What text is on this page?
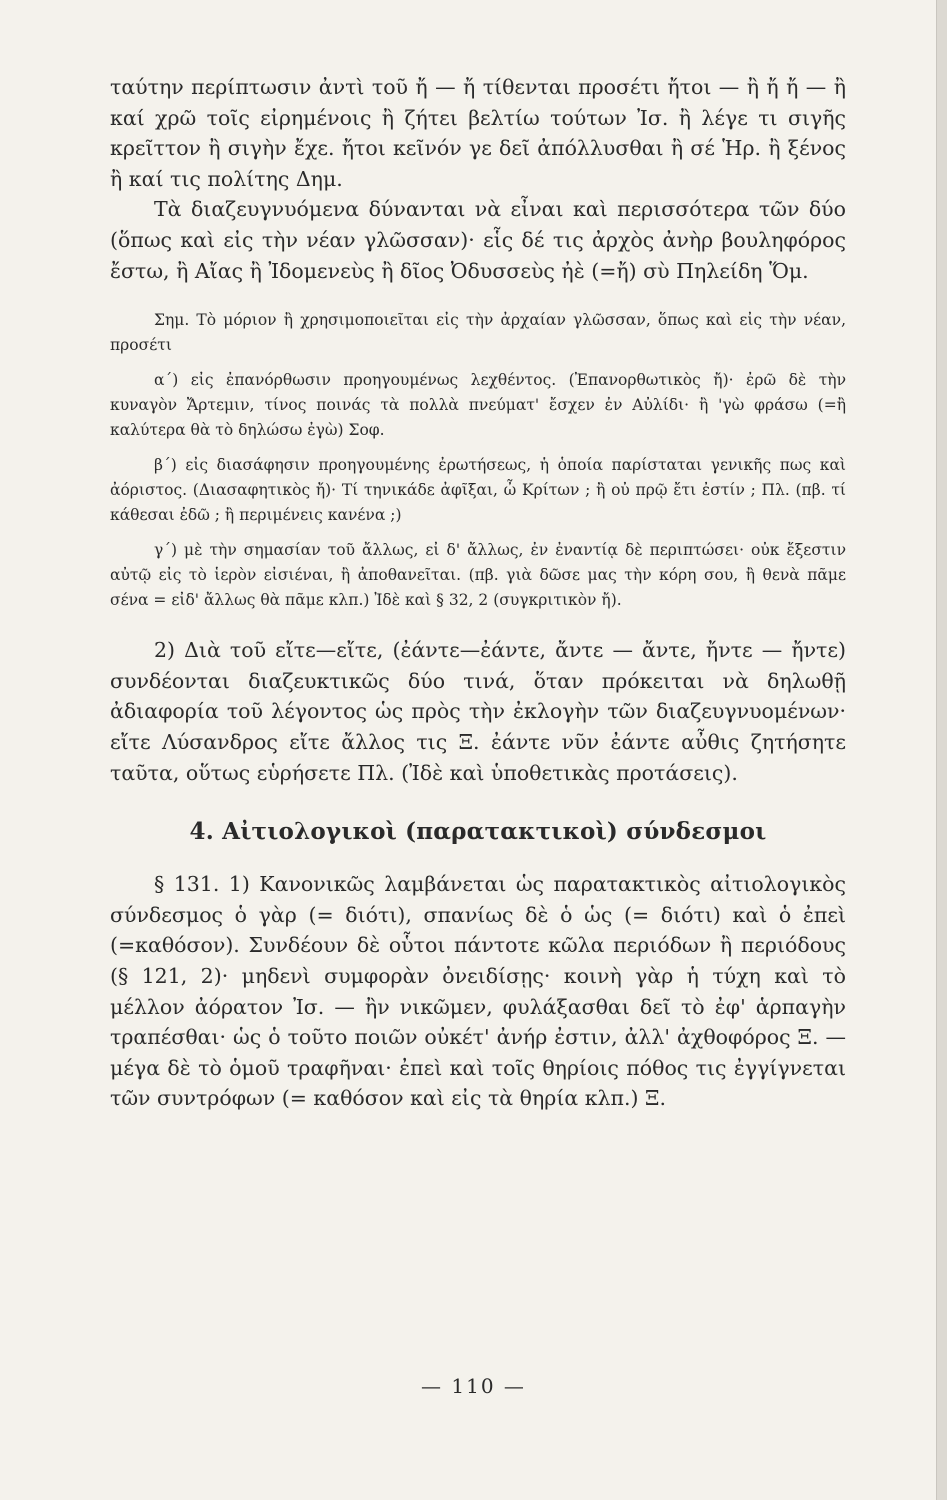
ταύτην περίπτωσιν ἀντὶ τοῦ ἤ — ἤ τίθενται προσέτι ἤτοι — ἢ ἤ ἤ — ἢ καί χρῶ τοῖς εἰρημένοις ἢ ζήτει βελτίω τούτων Ἰσ. ἢ λέγε τι σιγῆς κρεῖττον ἢ σιγὴν ἔχε. ἤτοι κεῖνόν γε δεῖ ἀπόλλυσθαι ἢ σέ Ἡρ. ἢ ξένος ἢ καί τις πολίτης Δημ.

Τὰ διαζευγνυόμενα δύνανται νὰ εἶναι καὶ περισσότερα τῶν δύο (ὅπως καὶ εἰς τὴν νέαν γλῶσσαν)· εἷς δέ τις ἀρχὸς ἀνὴρ βουληφόρος ἔστω, ἢ Αἴας ἢ Ἰδομενεὺς ἢ δῖος Ὀδυσσεὺς ἠὲ (=ἤ) σὺ Πηλείδη Ὅμ.

Σημ. Τὸ μόριον ἢ χρησιμοποιεῖται εἰς τὴν ἀρχαίαν γλῶσσαν, ὅπως καὶ εἰς τὴν νέαν, προσέτι

α΄) εἰς ἐπανόρθωσιν προηγουμένως λεχθέντος. (Ἐπανορθωτικὸς ἤ)· ἐρῶ δὲ τὴν κυναγὸν Ἄρτεμιν, τίνος ποινάς τὰ πολλὰ πνεύματ' ἔσχεν ἐν Αὐλίδι· ἢ 'γὼ φράσω (=ἢ καλύτερα θὰ τὸ δηλώσω ἐγὼ) Σοφ.

β΄) εἰς διασάφησιν προηγουμένης ἐρωτήσεως, ἡ ὁποία παρίσταται γενικῆς πως καὶ ἀόριστος. (Διασαφητικὸς ἤ)· Τί τηνικάδε ἀφῖξαι, ὦ Κρίτων ; ἢ οὐ πρῷ ἔτι ἐστίν ; Πλ. (πβ. τί κάθεσαι ἐδῶ ; ἢ περιμένεις κανένα ;)

γ΄) μὲ τὴν σημασίαν τοῦ ἄλλως, εἰ δ' ἄλλως, ἐν ἐναντίᾳ δὲ περιπτώσει· οὐκ ἔξεστιν αὐτῷ εἰς τὸ ἱερὸν εἰσιέναι, ἢ ἀποθανεῖται. (πβ. γιὰ δῶσε μας τὴν κόρη σου, ἢ θενὰ πᾶμε σένα = εἰδ' ἄλλως θὰ πᾶμε κλπ.) Ἰδὲ καὶ § 32, 2 (συγκριτικὸν ἤ).

2) Διὰ τοῦ εἴτε—εἴτε, (ἐάντε—ἐάντε, ἄντε — ἄντε, ἤντε — ἤντε) συνδέονται διαζευκτικῶς δύο τινά, ὅταν πρόκειται νὰ δηλωθῇ ἀδιαφορία τοῦ λέγοντος ὡς πρὸς τὴν ἐκλογὴν τῶν διαζευγνυομένων· εἴτε Λύσανδρος εἴτε ἄλλος τις Ξ. ἐάντε νῦν ἐάντε αὖθις ζητήσητε ταῦτα, οὕτως εὑρήσετε Πλ. (Ἰδὲ καὶ ὑποθετικὰς προτάσεις).

4. Αἰτιολογικοὶ (παρατακτικοὶ) σύνδεσμοι

§ 131. 1) Κανονικῶς λαμβάνεται ὡς παρατακτικὸς αἰτιολογικὸς σύνδεσμος ὁ γὰρ (= διότι), σπανίως δὲ ὁ ὡς (= διότι) καὶ ὁ ἐπεὶ (=καθόσον). Συνδέουν δὲ οὗτοι πάντοτε κῶλα περιόδων ἢ περιόδους (§ 121, 2)· μηδενὶ συμφορὰν ὀνειδίσῃς· κοινὴ γὰρ ἡ τύχη καὶ τὸ μέλλον ἀόρατον Ἰσ. — ἢν νικῶμεν, φυλάξασθαι δεῖ τὸ ἐφ' ἁρπαγὴν τραπέσθαι· ὡς ὁ τοῦτο ποιῶν οὐκέτ' ἀνήρ ἐστιν, ἀλλ' ἀχθοφόρος Ξ. — μέγα δὲ τὸ ὁμοῦ τραφῆναι· ἐπεὶ καὶ τοῖς θηρίοις πόθος τις ἐγγίγνεται τῶν συντρόφων (= καθόσον καὶ εἰς τὰ θηρία κλπ.) Ξ.

— 110 —
